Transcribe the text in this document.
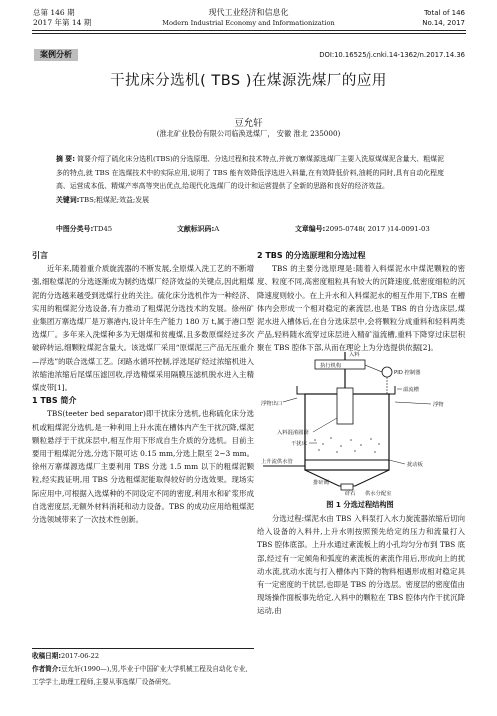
总第 146 期
2017 年第 14 期
现代工业经济和信息化
Modern Industrial Economy and Informationization
Total of 146
No.14, 2017
案例分析	DOI:10.16525/j.cnki.14-1362/n.2017.14.36
干扰床分选机( TBS )在煤源洗煤厂的应用
豆允轩
(淮北矿业股份有限公司临涣选煤厂， 安徽 淮北 235000)
摘 要: 简要介绍了硫化床分选机(TBS)的分选原理、分选过程和技术特点,并就万寨煤源选煤厂主要入洗原煤煤泥含量大、粗煤泥多的特点,就 TBS 在选煤技术中的实际应用,说明了 TBS 能有效降低浮选进入料量,在有效降低价料,油耗的同时,具有自动化程度高、运营成本低、精煤产率高等突出优点,给现代化选煤厂的设计和运营提供了全新的思路和良好的经济效益。
关键词:TBS;粗煤泥;效益;发展
中图分类号:TD45	文献标识码:A	文章编号:2095-0748( 2017 )14-0091-03
引言

近年来,随着重介质旋流器的不断发展,全原煤入洗工艺的不断增强,细粒煤泥的分选逐渐成为制约选煤厂经济效益的关键点,因此粗煤泥的分选越来越受到选煤行业的关注。硫化床分选机作为一种经济、实用的粗煤泥分选设备,有力推动了粗煤泥分选技术的发展。徐州矿业集团万寨选煤厂是万寨港内,设计年生产能力 180 万 t,属于港口型选煤厂。多年来入洗煤种多为无烟煤和贫瘦煤,且多数原煤经过多次破碎转运,细颗粒煤泥含量大。该选煤厂采用“原煤泥三产品无压重介—浮选”的联合选煤工艺。闭路水循环控制,浮选尾矿经过浓缩机进入浓缩池浓缩后尾煤压滤回收,浮选精煤采用隔膜压滤机脱水进入主精煤皮带[1]。

1 TBS 简介

TBS(teeter bed separator)即干扰床分选机,也称硫化床分选机或粗煤泥分选机,是一种利用上升水流在槽体内产生干扰沉降,煤泥颗粒悬浮于干扰床层中,相互作用下形成自生介质的分选机。目前主要用于粗煤泥分选,分选下限可达 0.15 mm,分选上限至 2~3 mm。徐州万寨煤源选煤厂主要利用 TBS 分选 1.5 mm 以下的粗煤泥颗粒,经实践证明,用 TBS 分选粗煤泥能取得较好的分选效果。现场实际应用中,可根据入选煤种的不同设定不同的密度,利用水和矿浆形成自选密度层,无额外材料消耗和动力设备。TBS 的成功应用给粗煤泥分选领域带来了一次技术性创新。

收稿日期:2017-06-22
作者简介:豆允轩(1990—),男,毕业于中国矿业大学机械工程及自动化专业,工学学士,助理工程师,主要从事选煤厂设备研究。
2 TBS 的分选原理和分选过程

TBS 的主要分选原理是:随着入料煤泥水中煤泥颗粒的密度、粒度不同,高密度粗粒具有较大的沉降速度,低密度细粒的沉降速度则较小。在上升水和入料煤泥水的相互作用下,TBS 在槽体内会形成一个相对稳定的紊流层,也是 TBS 的自分选床层,煤泥水进入槽体后,在自分选床层中,会将颗粒分成重料和轻料两类产品,轻料随水流穿过床层进入精矿溢流槽,重料下降穿过床层积聚在 TBS 腔体下部,从而在理论上为分选提供依据[2]。

入料
执行机构
PID 控制器
溢流槽
浮物出口	浮物
入料混淆圆筒
干扰床
扰动板
上升流供水管
排矸阀
矸石 供水分配室
图 1 分选过程结构图

分选过程:煤泥水由 TBS 入料泵打入水力旋流器浓缩后切向给入设备的入料井,上升水则按照预先给定的压力和流量打入 TBS 腔体底部。上升水通过紊流板上的小孔均匀分布到 TBS 底部,经过有一定倾角和弧度的紊流板的紊流作用后,形成向上的扰动水流,扰动水流与打入槽体内下降的物料相遇形成相对稳定具有一定密度的干扰层,也即是 TBS 的分选层。密度层的密度值由现场操作面板事先给定,入料中的颗粒在 TBS 腔体内作干扰沉降运动,由
